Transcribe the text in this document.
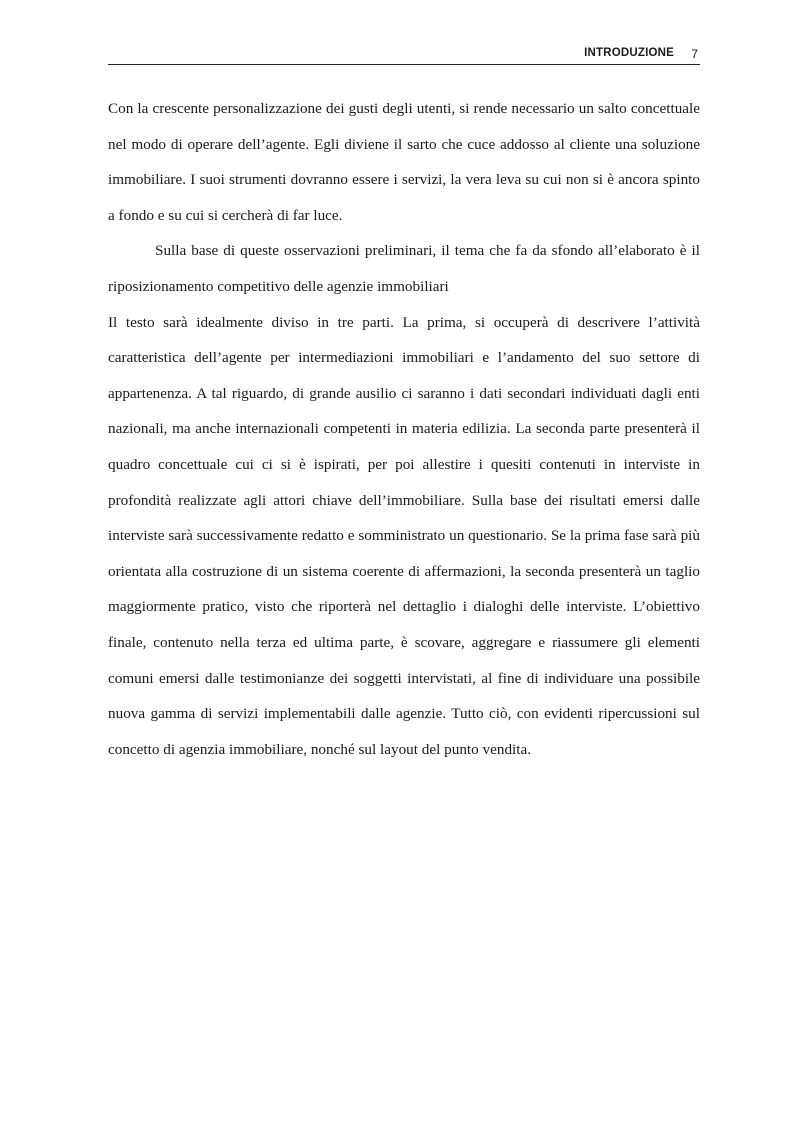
INTRODUZIONE 7

Con la crescente personalizzazione dei gusti degli utenti, si rende necessario un salto concettuale nel modo di operare dell’agente. Egli diviene il sarto che cuce addosso al cliente una soluzione immobiliare. I suoi strumenti dovranno essere i servizi, la vera leva su cui non si è ancora spinto a fondo e su cui si cercherà di far luce.

Sulla base di queste osservazioni preliminari, il tema che fa da sfondo all’elaborato è il riposizionamento competitivo delle agenzie immobiliari

Il testo sarà idealmente diviso in tre parti. La prima, si occuperà di descrivere l’attività caratteristica dell’agente per intermediazioni immobiliari e l’andamento del suo settore di appartenenza. A tal riguardo, di grande ausilio ci saranno i dati secondari individuati dagli enti nazionali, ma anche internazionali competenti in materia edilizia. La seconda parte presenterà il quadro concettuale cui ci si è ispirati, per poi allestire i quesiti contenuti in interviste in profondità realizzate agli attori chiave dell’immobiliare. Sulla base dei risultati emersi dalle interviste sarà successivamente redatto e somministrato un questionario. Se la prima fase sarà più orientata alla costruzione di un sistema coerente di affermazioni, la seconda presenterà un taglio maggiormente pratico, visto che riporterà nel dettaglio i dialoghi delle interviste. L’obiettivo finale, contenuto nella terza ed ultima parte, è scovare, aggregare e riassumere gli elementi comuni emersi dalle testimonianze dei soggetti intervistati, al fine di individuare una possibile nuova gamma di servizi implementabili dalle agenzie. Tutto ciò, con evidenti ripercussioni sul concetto di agenzia immobiliare, nonché sul layout del punto vendita.
